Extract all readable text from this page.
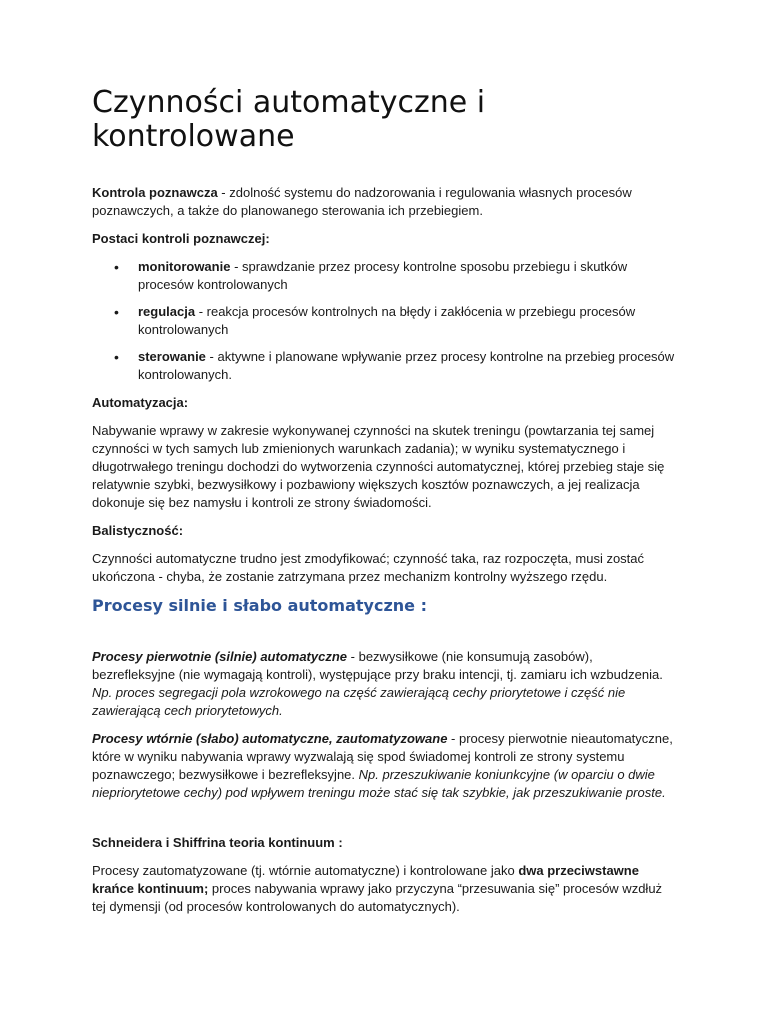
Czynności automatyczne i kontrolowane

Kontrola poznawcza - zdolność systemu do nadzorowania i regulowania własnych procesów poznawczych, a także do planowanego sterowania ich przebiegiem.

Postaci kontroli poznawczej:

• monitorowanie - sprawdzanie przez procesy kontrolne sposobu przebiegu i skutków procesów kontrolowanych
• regulacja - reakcja procesów kontrolnych na błędy i zakłócenia w przebiegu procesów kontrolowanych
• sterowanie - aktywne i planowane wpływanie przez procesy kontrolne na przebieg procesów kontrolowanych.

Automatyzacja:

Nabywanie wprawy w zakresie wykonywanej czynności na skutek treningu (powtarzania tej samej czynności w tych samych lub zmienionych warunkach zadania); w wyniku systematycznego i długotrwałego treningu dochodzi do wytworzenia czynności automatycznej, której przebieg staje się relatywnie szybki, bezwysiłkowy i pozbawiony większych kosztów poznawczych, a jej realizacja dokonuje się bez namysłu i kontroli ze strony świadomości.

Balistyczność:

Czynności automatyczne trudno jest zmodyfikować; czynność taka, raz rozpoczęta, musi zostać ukończona - chyba, że zostanie zatrzymana przez mechanizm kontrolny wyższego rzędu.

Procesy silnie i słabo automatyczne :

Procesy pierwotnie (silnie) automatyczne - bezwysiłkowe (nie konsumują zasobów), bezrefleksyjne (nie wymagają kontroli), występujące przy braku intencji, tj. zamiaru ich wzbudzenia. Np. proces segregacji pola wzrokowego na część zawierającą cechy priorytetowe i część nie zawierającą cech priorytetowych.

Procesy wtórnie (słabo) automatyczne, zautomatyzowane - procesy pierwotnie nieautomatyczne, które w wyniku nabywania wprawy wyzwalają się spod świadomej kontroli ze strony systemu poznawczego; bezwysiłkowe i bezrefleksyjne. Np. przeszukiwanie koniunkcyjne (w oparciu o dwie niepriorytetowe cechy) pod wpływem treningu może stać się tak szybkie, jak przeszukiwanie proste.

Schneidera i Shiffrina teoria kontinuum :

Procesy zautomatyzowane (tj. wtórnie automatyczne) i kontrolowane jako dwa przeciwstawne krańce kontinuum; proces nabywania wprawy jako przyczyna “przesuwania się” procesów wzdłuż tej dymensji (od procesów kontrolowanych do automatycznych).
